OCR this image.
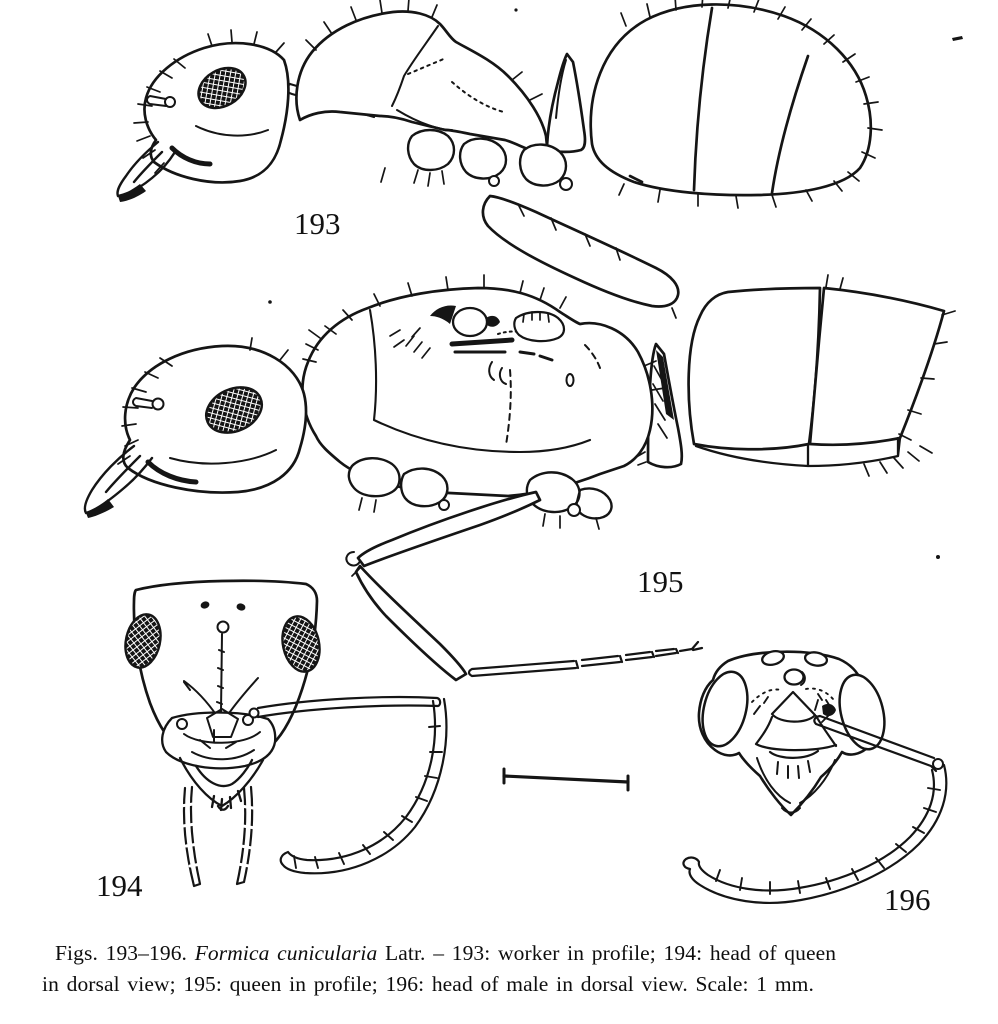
193
195
194	196
Figs. 193–196. Formica cunicularia Latr. – 193: worker in profile; 194: head of queen
in dorsal view; 195: queen in profile; 196: head of male in dorsal view. Scale: 1 mm.
